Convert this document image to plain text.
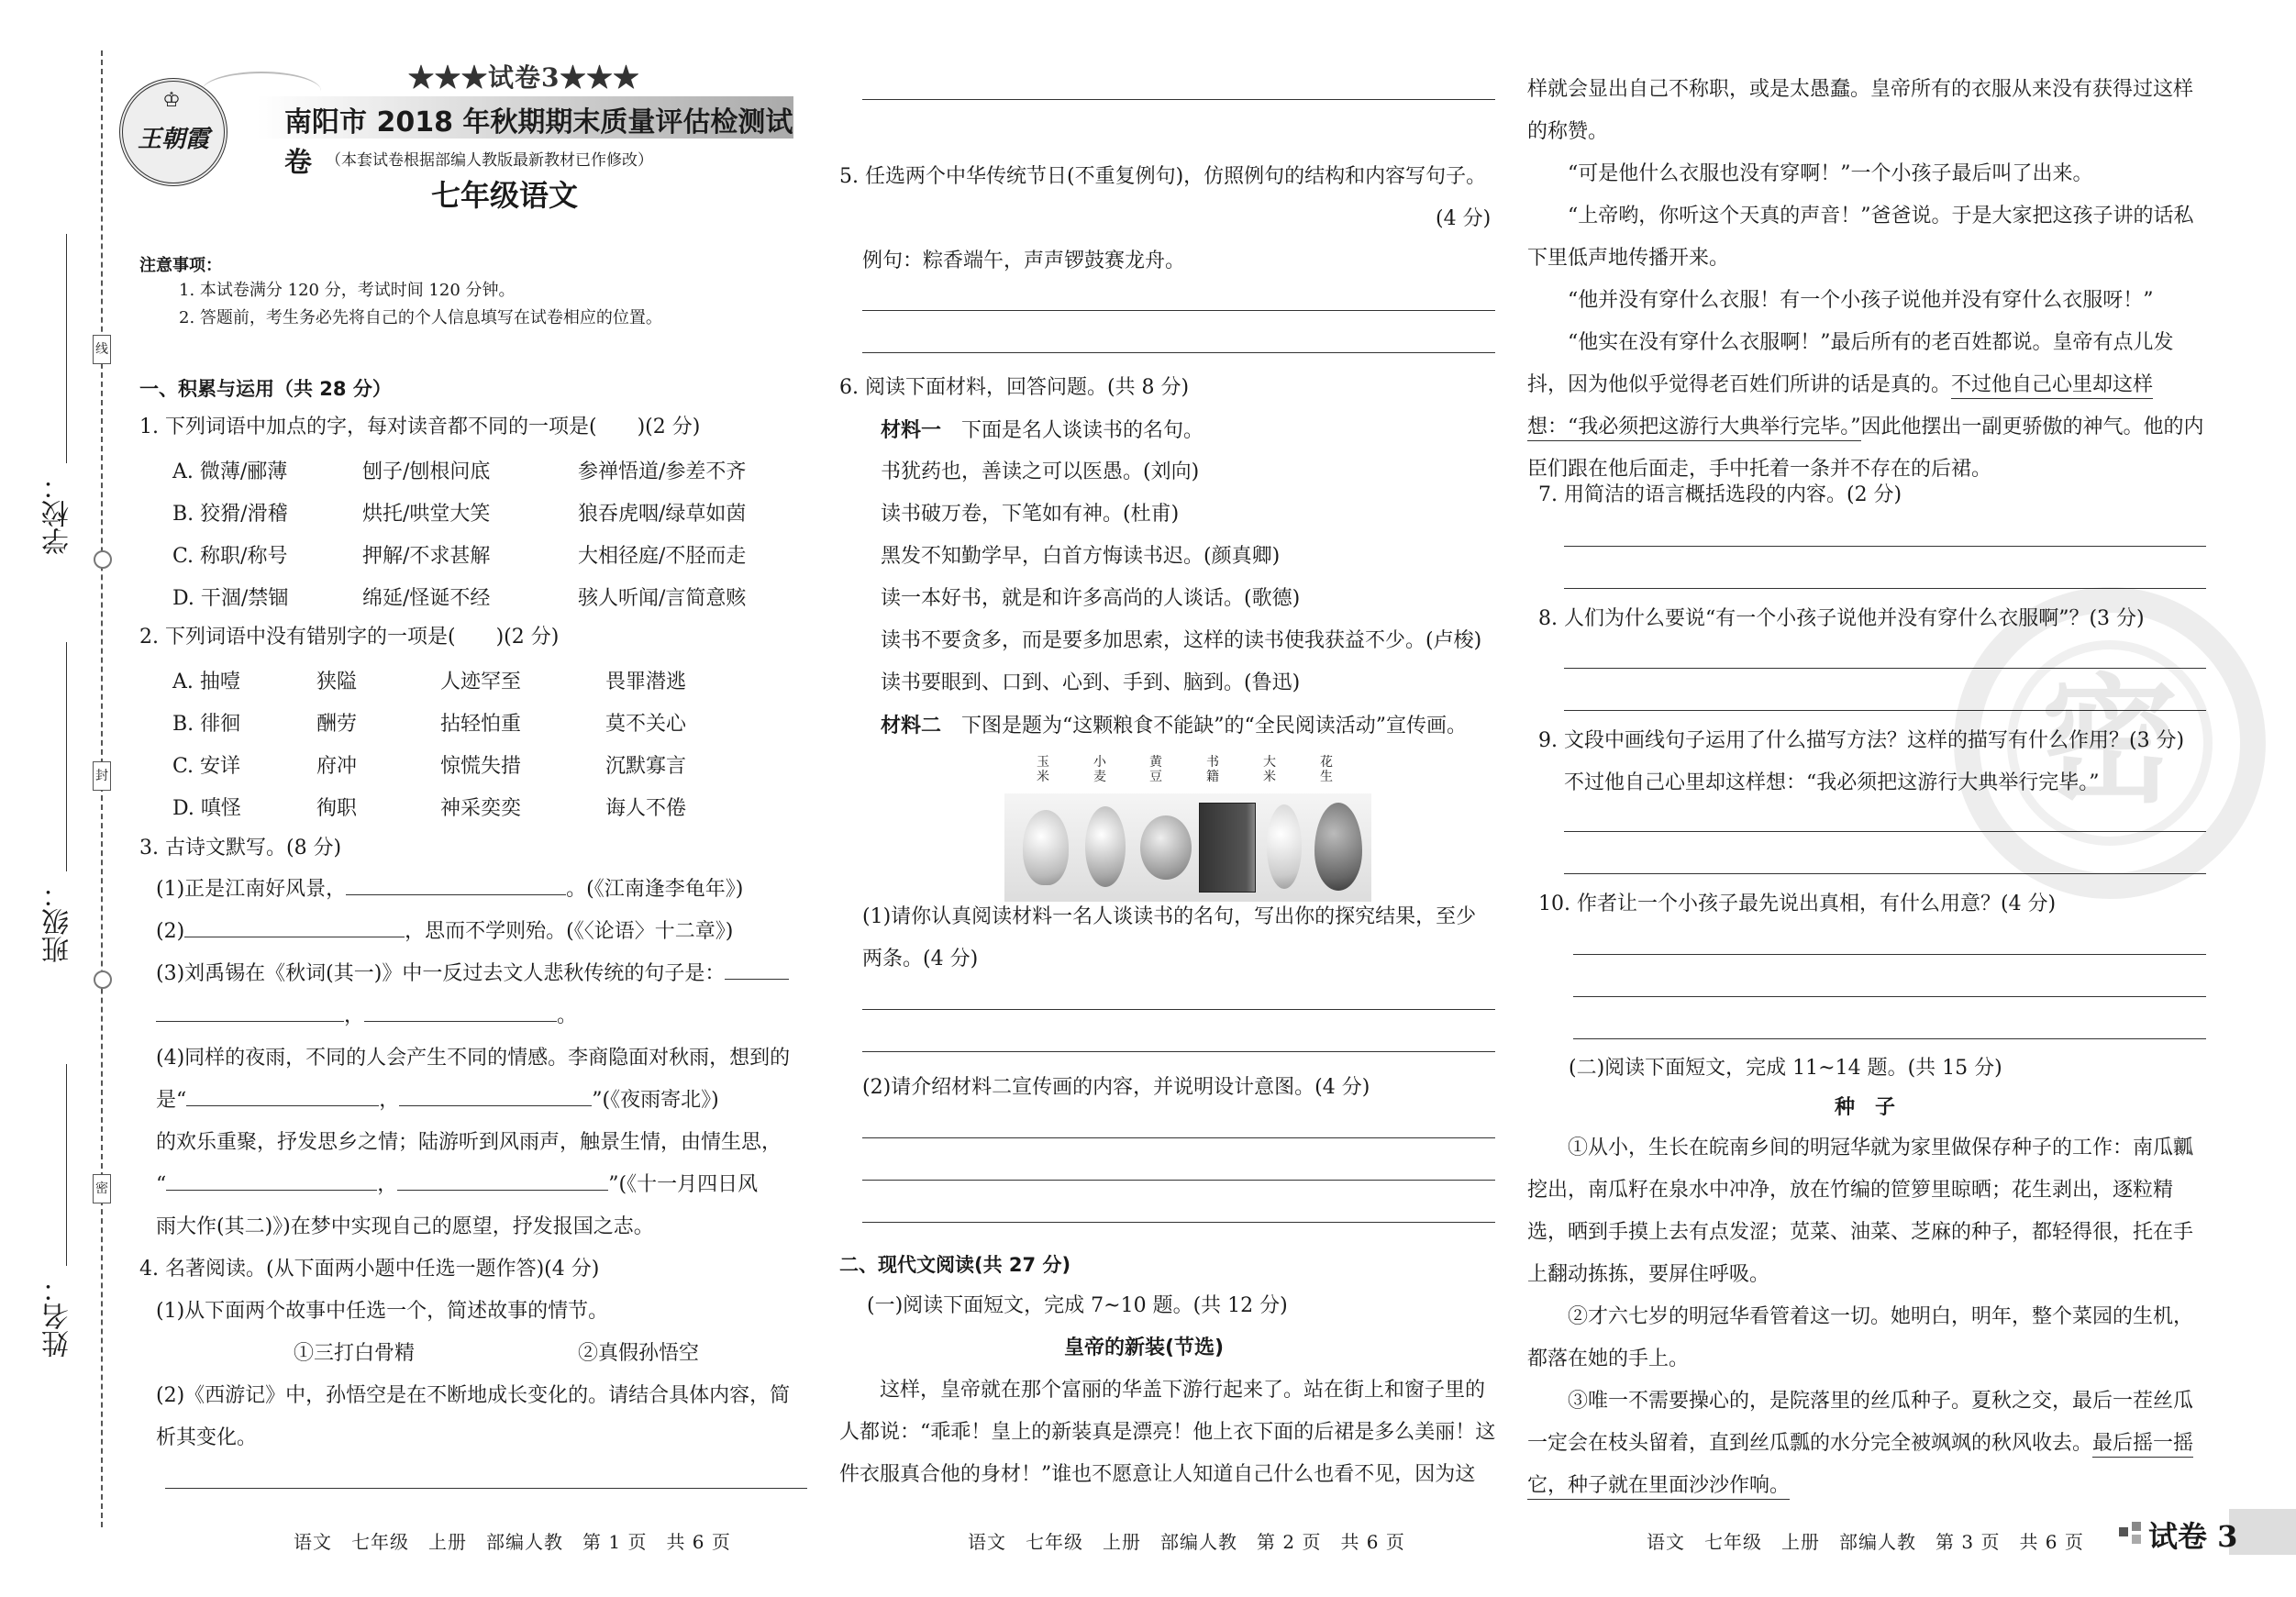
线
封
密
学校：
班级：
姓名：
♔
王朝霞
★★★试卷3★★★
南阳市 2018 年秋期期末质量评估检测试卷 （本套试卷根据部编人教版最新教材已作修改）
七年级语文
注意事项：
1. 本试卷满分 120 分，考试时间 120 分钟。
2. 答题前，考生务必先将自己的个人信息填写在试卷相应的位置。
一、积累与运用（共 28 分）
1. 下列词语中加点的字，每对读音都不同的一项是(　　)(2 分)
A. 微薄/郦薄	刨子/刨根问底	参禅悟道/参差不齐
B. 狡猾/滑稽	烘托/哄堂大笑	狼吞虎咽/绿草如茵
C. 称职/称号	押解/不求甚解	大相径庭/不胫而走
D. 干涸/禁锢	绵延/怪诞不经	骇人听闻/言简意赅
2. 下列词语中没有错别字的一项是(　　)(2 分)
A. 抽噎	狭隘	人迹罕至	畏罪潜逃
B. 徘徊	酬劳	拈轻怕重	莫不关心
C. 安详	府冲	惊慌失措	沉默寡言
D. 嗔怪	徇职	神采奕奕	诲人不倦
3. 古诗文默写。(8 分)
(1)正是江南好风景，	。(《江南逢李龟年》)
(2)	，思而不学则殆。(《〈论语〉十二章》)
(3)刘禹锡在《秋词(其一)》中一反过去文人悲秋传统的句子是：
，	。
(4)同样的夜雨，不同的人会产生不同的情感。李商隐面对秋雨，想到的
是“	，	”(《夜雨寄北》)
的欢乐重聚，抒发思乡之情；陆游听到风雨声，触景生情，由情生思，
“	，	”(《十一月四日风
雨大作(其二)》)在梦中实现自己的愿望，抒发报国之志。
4. 名著阅读。(从下面两小题中任选一题作答)(4 分)
(1)从下面两个故事中任选一个，简述故事的情节。
①三打白骨精	②真假孙悟空
(2)《西游记》中，孙悟空是在不断地成长变化的。请结合具体内容，简
析其变化。
语文　七年级　上册　部编人教　第 1 页　共 6 页
5. 任选两个中华传统节日(不重复例句)，仿照例句的结构和内容写句子。
(4 分)
例句：粽香端午，声声锣鼓赛龙舟。
6. 阅读下面材料，回答问题。(共 8 分)
材料一　 下面是名人谈读书的名句。
书犹药也，善读之可以医愚。(刘向)
读书破万卷，下笔如有神。(杜甫)
黑发不知勤学早，白首方悔读书迟。(颜真卿)
读一本好书，就是和许多高尚的人谈话。(歌德)
读书不要贪多，而是要多加思索，这样的读书使我获益不少。(卢梭)
读书要眼到、口到、心到、手到、脑到。(鲁迅)
材料二　 下图是题为“这颗粮食不能缺”的“全民阅读活动”宣传画。
玉米
小麦
黄豆
书籍
大米
花生
(1)请你认真阅读材料一名人谈读书的名句，写出你的探究结果，至少
两条。(4 分)
(2)请介绍材料二宣传画的内容，并说明设计意图。(4 分)
二、现代文阅读(共 27 分)
(一)阅读下面短文，完成 7~10 题。(共 12 分)
皇帝的新装(节选)
这样，皇帝就在那个富丽的华盖下游行起来了。站在街上和窗子里的人都说：“乖乖！皇上的新装真是漂亮！他上衣下面的后裙是多么美丽！这件衣服真合他的身材！”谁也不愿意让人知道自己什么也看不见，因为这
语文　七年级　上册　部编人教　第 2 页　共 6 页
样就会显出自己不称职，或是太愚蠢。皇帝所有的衣服从来没有获得过这样的称赞。
“可是他什么衣服也没有穿啊！”一个小孩子最后叫了出来。
“上帝哟，你听这个天真的声音！”爸爸说。于是大家把这孩子讲的话私下里低声地传播开来。
“他并没有穿什么衣服！有一个小孩子说他并没有穿什么衣服呀！”
“他实在没有穿什么衣服啊！”最后所有的老百姓都说。皇帝有点儿发抖，因为他似乎觉得老百姓们所讲的话是真的。不过他自己心里却这样想：“我必须把这游行大典举行完毕。”因此他摆出一副更骄傲的神气。他的内臣们跟在他后面走，手中托着一条并不存在的后裙。
7. 用简洁的语言概括选段的内容。(2 分)
8. 人们为什么要说“有一个小孩子说他并没有穿什么衣服啊”？(3 分)
9. 文段中画线句子运用了什么描写方法？这样的描写有什么作用？(3 分)
不过他自己心里却这样想：“我必须把这游行大典举行完毕。”
10. 作者让一个小孩子最先说出真相，有什么用意？(4 分)
(二)阅读下面短文，完成 11~14 题。(共 15 分)
种　子
①从小，生长在皖南乡间的明冠华就为家里做保存种子的工作：南瓜瓤挖出，南瓜籽在泉水中冲净，放在竹编的笸箩里晾晒；花生剥出，逐粒精选，晒到手摸上去有点发涩；苋菜、油菜、芝麻的种子，都轻得很，托在手上翻动拣拣，要屏住呼吸。
②才六七岁的明冠华看管着这一切。她明白，明年，整个菜园的生机，都落在她的手上。
③唯一不需要操心的，是院落里的丝瓜种子。夏秋之交，最后一茬丝瓜一定会在枝头留着，直到丝瓜瓢的水分完全被飒飒的秋风收去。最后摇一摇它，种子就在里面沙沙作响。
语文　七年级　上册　部编人教　第 3 页　共 6 页
密
试卷 3
